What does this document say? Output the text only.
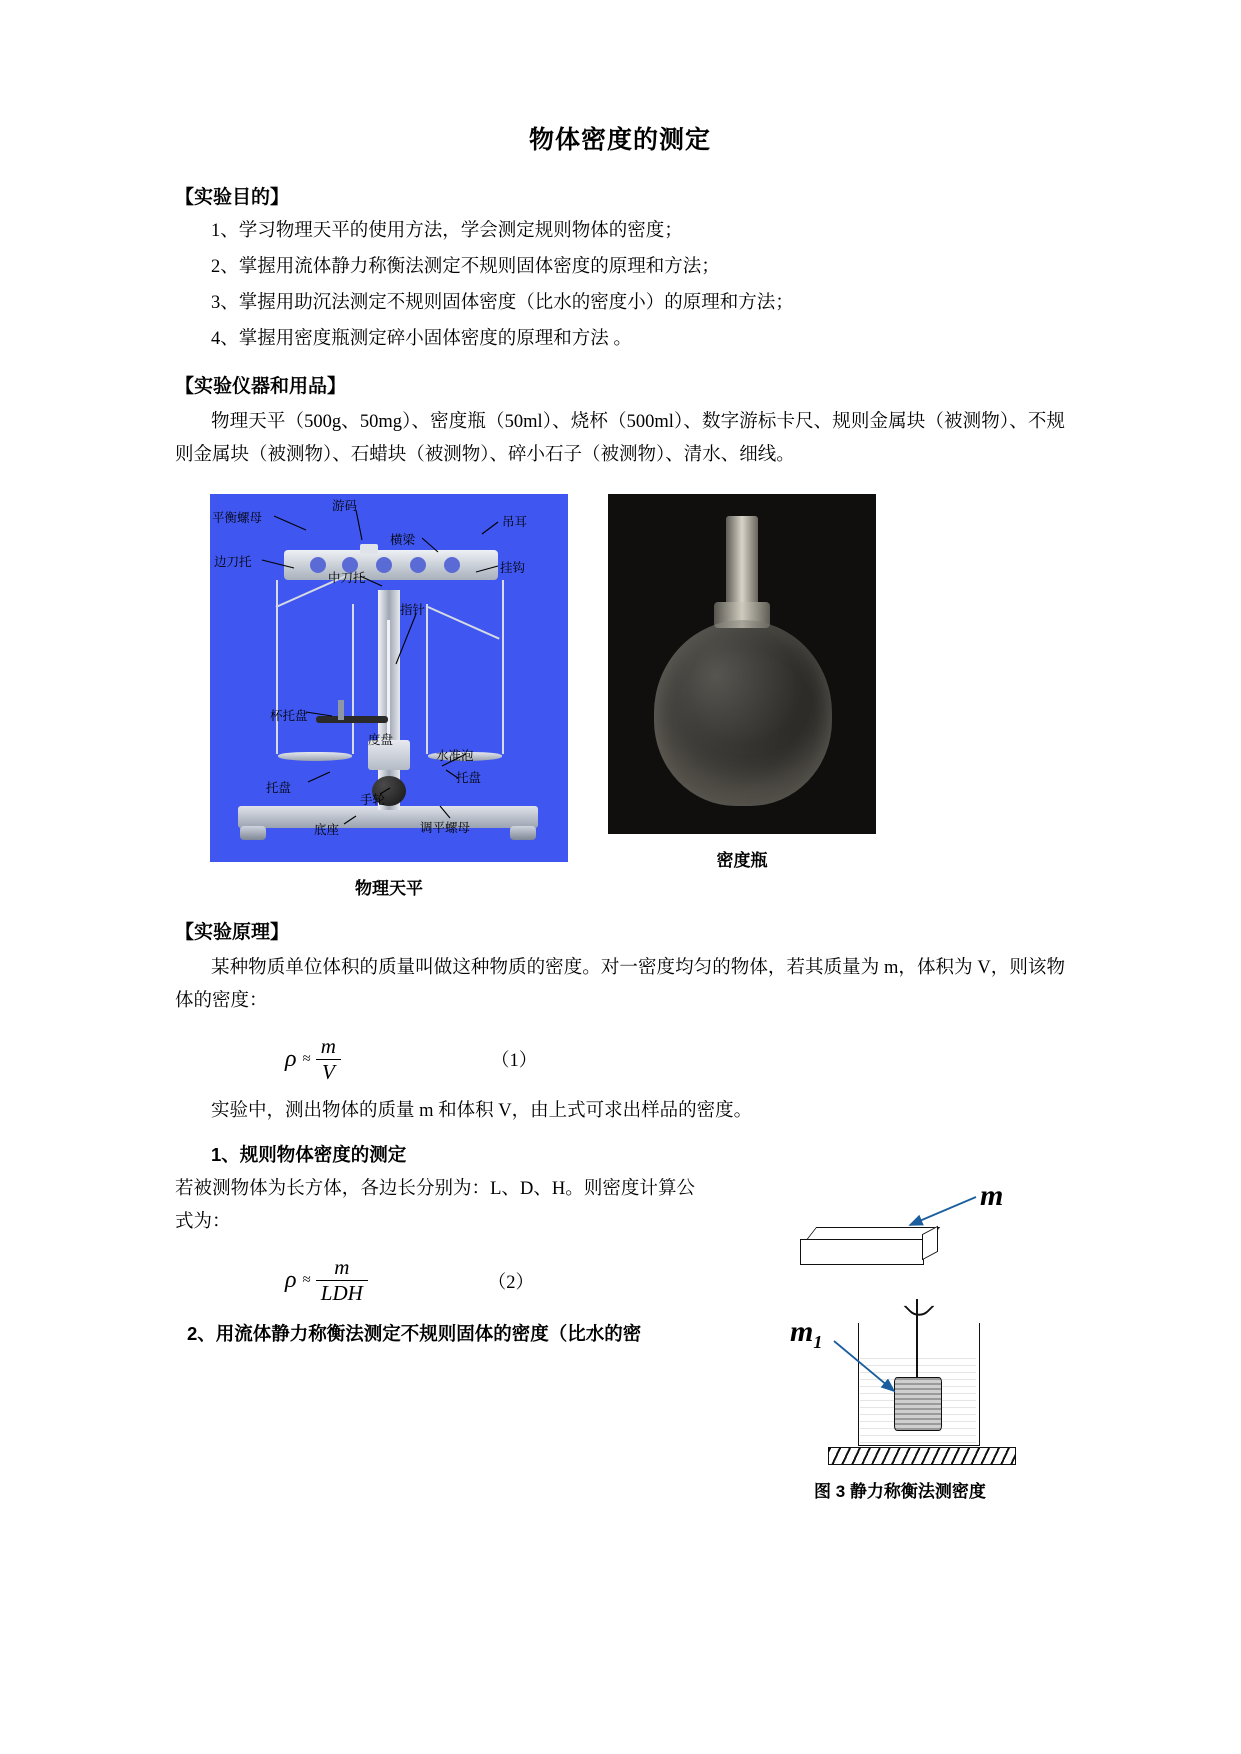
物体密度的测定
【实验目的】

1、学习物理天平的使用方法，学会测定规则物体的密度；

2、掌握用流体静力称衡法测定不规则固体密度的原理和方法；

3、掌握用助沉法测定不规则固体密度（比水的密度小）的原理和方法；

4、掌握用密度瓶测定碎小固体密度的原理和方法 。

【实验仪器和用品】

物理天平（500g、50mg）、密度瓶（50ml）、烧杯（500ml）、数字游标卡尺、规则金属块（被测物）、不规则金属块（被测物）、石蜡块（被测物）、碎小石子（被测物）、清水、细线。

平衡螺母
游码
横梁
吊耳
边刀托
中刀托
挂钩
指针
杯托盘
度盘
水准泡
托盘
托盘
手轮
底座	调平螺母
物理天平
密度瓶
【实验原理】

某种物质单位体积的质量叫做这种物质的密度。对一密度均匀的物体，若其质量为 m，体积为 V，则该物体的密度：

$\rho \approx \frac{m}{V}$	（1）

实验中，测出物体的质量 m 和体积 V，由上式可求出样品的密度。

1、规则物体密度的测定

若被测物体为长方体，各边长分别为：L、D、H。则密度计算公式为：

$\rho \approx \frac{m}{\text{LDH}}$	（2）
2、用流体静力称衡法测定不规则固体的密度（比水的密
m
$m_1$
图 3 静力称衡法测密度
